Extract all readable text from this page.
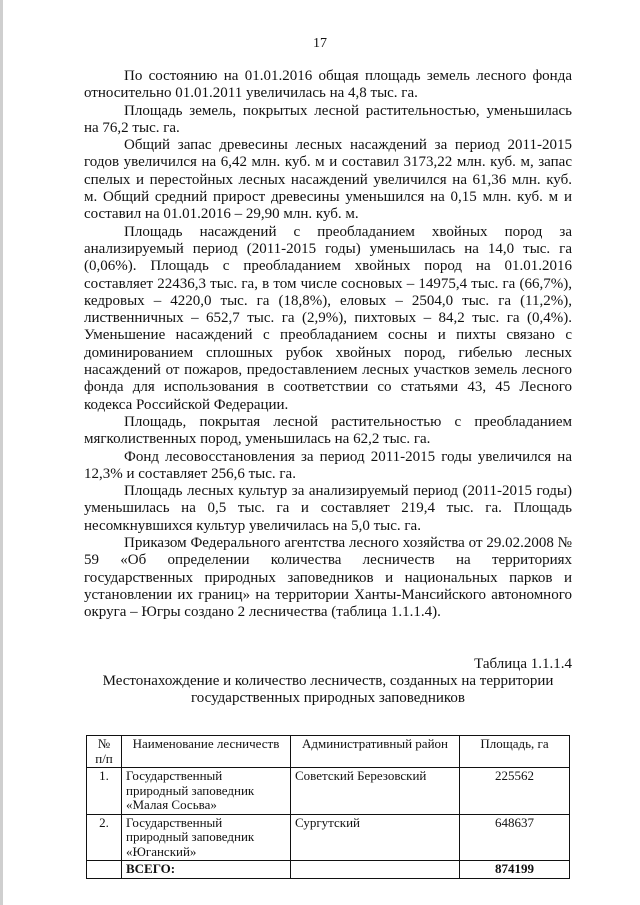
17

По состоянию на 01.01.2016 общая площадь земель лесного фонда относительно 01.01.2011 увеличилась на 4,8 тыс. га.

Площадь земель, покрытых лесной растительностью, уменьшилась на 76,2 тыс. га.

Общий запас древесины лесных насаждений за период 2011-2015 годов увеличился на 6,42 млн. куб. м и составил 3173,22 млн. куб. м, запас спелых и перестойных лесных насаждений увеличился на 61,36 млн. куб. м. Общий средний прирост древесины уменьшился на 0,15 млн. куб. м и составил на 01.01.2016 – 29,90 млн. куб. м.

Площадь насаждений с преобладанием хвойных пород за анализируемый период (2011-2015 годы) уменьшилась на 14,0 тыс. га (0,06%). Площадь с преобладанием хвойных пород на 01.01.2016 составляет 22436,3 тыс. га, в том числе сосновых – 14975,4 тыс. га (66,7%), кедровых – 4220,0 тыс. га (18,8%), еловых – 2504,0 тыс. га (11,2%), лиственничных – 652,7 тыс. га (2,9%), пихтовых – 84,2 тыс. га (0,4%). Уменьшение насаждений с преобладанием сосны и пихты связано с доминированием сплошных рубок хвойных пород, гибелью лесных насаждений от пожаров, предоставлением лесных участков земель лесного фонда для использования в соответствии со статьями 43, 45 Лесного кодекса Российской Федерации.

Площадь, покрытая лесной растительностью с преобладанием мягколиственных пород, уменьшилась на 62,2 тыс. га.

Фонд лесовосстановления за период 2011-2015 годы увеличился на 12,3% и составляет 256,6 тыс. га.

Площадь лесных культур за анализируемый период (2011-2015 годы) уменьшилась на 0,5 тыс. га и составляет 219,4 тыс. га. Площадь несомкнувшихся культур увеличилась на 5,0 тыс. га.

Приказом Федерального агентства лесного хозяйства от 29.02.2008 № 59 «Об определении количества лесничеств на территориях государственных природных заповедников и национальных парков и установлении их границ» на территории Ханты-Мансийского автономного округа – Югры создано 2 лесничества (таблица 1.1.1.4).

Таблица 1.1.1.4

Местонахождение и количество лесничеств, созданных на территории государственных природных заповедников

№ п/п	Наименование лесничеств	Административный район	Площадь, га
1.	Государственный природный заповедник «Малая Сосьва»	Советский Березовский	225562
2.	Государственный природный заповедник «Юганский»	Сургутский	648637
	ВСЕГО:		874199
